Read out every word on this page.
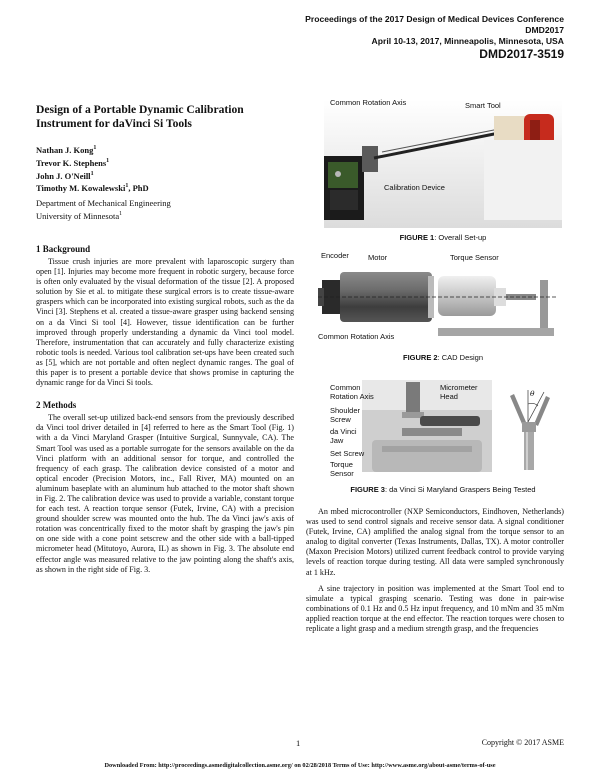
Proceedings of the 2017 Design of Medical Devices Conference
DMD2017
April 10-13, 2017, Minneapolis, Minnesota, USA
DMD2017-3519
Design of a Portable Dynamic Calibration Instrument for daVinci Si Tools
Nathan J. Kong$^1$
Trevor K. Stephens$^1$
John J. O'Neill$^1$
Timothy M. Kowalewski$^1$, PhD
Department of Mechanical Engineering
University of Minnesota$^1$
1 Background
Tissue crush injuries are more prevalent with laparoscopic surgery than open [1]. Injuries may become more frequent in robotic surgery, because force is often only evaluated by the visual deformation of the tissue [2]. A proposed solution by Sie et al. to mitigate these surgical errors is to create tissue-aware graspers which can be incorporated into existing surgical robots, such as the da Vinci [3]. Stephens et al. created a tissue-aware grasper using backend sensing on a da Vinci Si tool [4]. However, tissue identification can be further improved through properly understanding a dynamic da Vinci tool model. Therefore, instrumentation that can accurately and fully characterize existing robotic tools is needed. Various tool calibration set-ups have been created such as [5], which are not portable and often neglect dynamic ranges. The goal of this paper is to present a portable device that shows promise in capturing the dynamic range for da Vinci Si tools.
2 Methods
The overall set-up utilized back-end sensors from the previously described da Vinci tool driver detailed in [4] referred to here as the Smart Tool (Fig. 1) with a da Vinci Maryland Grasper (Intuitive Surgical, Sunnyvale, CA). The Smart Tool was used as a portable surrogate for the sensors available on the da Vinci platform with an additional sensor for torque, and controlled the frequency of each grasp. The calibration device consisted of a motor and optical encoder (Precision Motors, inc., Fall River, MA) mounted on an aluminum baseplate with an aluminum hub attached to the motor shaft shown in Fig. 2. The calibration device was used to provide a variable, constant torque for each test. A reaction torque sensor (Futek, Irvine, CA) with a precision ground shoulder screw was mounted onto the hub. The da Vinci jaw's axis of rotation was concentrically fixed to the motor shaft by grasping the jaw's pin on one side with a cone point setscrew and the other side with a ball-tipped micrometer head (Mitutoyo, Aurora, IL) as shown in Fig. 3. The absolute end effector angle was measured relative to the jaw pointing along the shaft's axis, as shown in the right side of Fig. 3.
Common Rotation Axis	Smart Tool
Calibration Device
FIGURE 1: Overall Set-up
Encoder	Motor	Torque Sensor
Common Rotation Axis
FIGURE 2: CAD Design
Common Rotation Axis
Micrometer Head
Shoulder Screw
da Vinci Jaw
Set Screw
Torque Sensor
θ
FIGURE 3: da Vinci Si Maryland Graspers Being Tested

An mbed microcontroller (NXP Semiconductors, Eindhoven, Netherlands) was used to send control signals and receive sensor data. A signal conditioner (Futek, Irvine, CA) amplified the analog signal from the torque sensor to an analog to digital converter (Texas Instruments, Dallas, TX). A motor controller (Maxon Precision Motors) utilized current feedback control to provide varying levels of reaction torque during testing. All data were sampled synchronously at 1 kHz.

A sine trajectory in position was implemented at the Smart Tool end to simulate a typical grasping scenario. Testing was done in pair-wise combinations of 0.1 Hz and 0.5 Hz input frequency, and 10 mNm and 35 mNm applied reaction torque at the end effector. The reaction torques were chosen to replicate a light grasp and a medium strength grasp, and the frequencies

1	Copyright © 2017 ASME
Downloaded From: http://proceedings.asmedigitalcollection.asme.org/ on 02/28/2018 Terms of Use: http://www.asme.org/about-asme/terms-of-use
